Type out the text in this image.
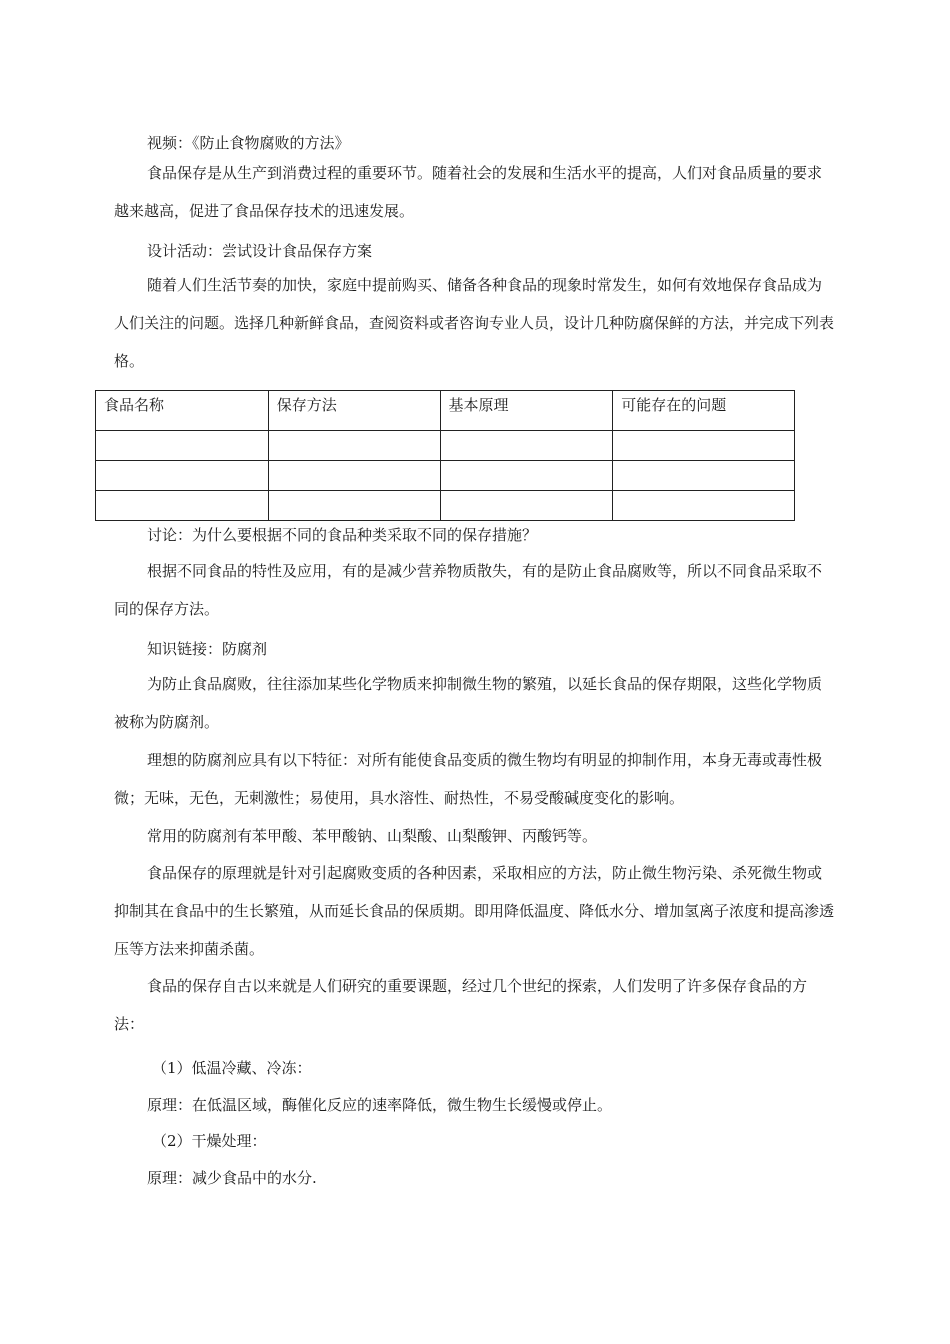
视频：《防止食物腐败的方法》

食品保存是从生产到消费过程的重要环节。随着社会的发展和生活水平的提高，人们对食品质量的要求越来越高，促进了食品保存技术的迅速发展。

设计活动：尝试设计食品保存方案

随着人们生活节奏的加快，家庭中提前购买、储备各种食品的现象时常发生，如何有效地保存食品成为人们关注的问题。选择几种新鲜食品，查阅资料或者咨询专业人员，设计几种防腐保鲜的方法，并完成下列表格。

食品名称	保存方法	基本原理	可能存在的问题

讨论：为什么要根据不同的食品种类采取不同的保存措施？

根据不同食品的特性及应用，有的是减少营养物质散失，有的是防止食品腐败等，所以不同食品采取不同的保存方法。

知识链接：防腐剂

为防止食品腐败，往往添加某些化学物质来抑制微生物的繁殖，以延长食品的保存期限，这些化学物质被称为防腐剂。

理想的防腐剂应具有以下特征：对所有能使食品变质的微生物均有明显的抑制作用，本身无毒或毒性极微；无味，无色，无刺激性；易使用，具水溶性、耐热性，不易受酸碱度变化的影响。

常用的防腐剂有苯甲酸、苯甲酸钠、山梨酸、山梨酸钾、丙酸钙等。

食品保存的原理就是针对引起腐败变质的各种因素，采取相应的方法，防止微生物污染、杀死微生物或抑制其在食品中的生长繁殖，从而延长食品的保质期。即用降低温度、降低水分、增加氢离子浓度和提高渗透压等方法来抑菌杀菌。

食品的保存自古以来就是人们研究的重要课题，经过几个世纪的探索，人们发明了许多保存食品的方法：

（1）低温冷藏、冷冻：

原理：在低温区域，酶催化反应的速率降低，微生物生长缓慢或停止。

（2）干燥处理：

原理：减少食品中的水分.
